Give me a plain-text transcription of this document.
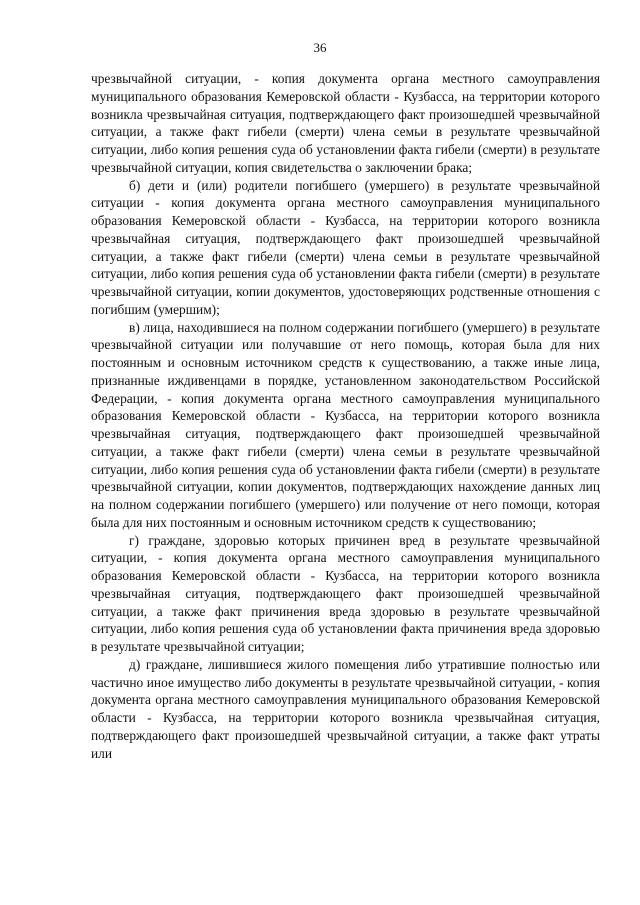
36

чрезвычайной ситуации, - копия документа органа местного самоуправления муниципального образования Кемеровской области - Кузбасса, на территории которого возникла чрезвычайная ситуация, подтверждающего факт произошедшей чрезвычайной ситуации, а также факт гибели (смерти) члена семьи в результате чрезвычайной ситуации, либо копия решения суда об установлении факта гибели (смерти) в результате чрезвычайной ситуации, копия свидетельства о заключении брака;

б) дети и (или) родители погибшего (умершего) в результате чрезвычайной ситуации - копия документа органа местного самоуправления муниципального образования Кемеровской области - Кузбасса, на территории которого возникла чрезвычайная ситуация, подтверждающего факт произошедшей чрезвычайной ситуации, а также факт гибели (смерти) члена семьи в результате чрезвычайной ситуации, либо копия решения суда об установлении факта гибели (смерти) в результате чрезвычайной ситуации, копии документов, удостоверяющих родственные отношения с погибшим (умершим);

в) лица, находившиеся на полном содержании погибшего (умершего) в результате чрезвычайной ситуации или получавшие от него помощь, которая была для них постоянным и основным источником средств к существованию, а также иные лица, признанные иждивенцами в порядке, установленном законодательством Российской Федерации, - копия документа органа местного самоуправления муниципального образования Кемеровской области - Кузбасса, на территории которого возникла чрезвычайная ситуация, подтверждающего факт произошедшей чрезвычайной ситуации, а также факт гибели (смерти) члена семьи в результате чрезвычайной ситуации, либо копия решения суда об установлении факта гибели (смерти) в результате чрезвычайной ситуации, копии документов, подтверждающих нахождение данных лиц на полном содержании погибшего (умершего) или получение от него помощи, которая была для них постоянным и основным источником средств к существованию;

г) граждане, здоровью которых причинен вред в результате чрезвычайной ситуации, - копия документа органа местного самоуправления муниципального образования Кемеровской области - Кузбасса, на территории которого возникла чрезвычайная ситуация, подтверждающего факт произошедшей чрезвычайной ситуации, а также факт причинения вреда здоровью в результате чрезвычайной ситуации, либо копия решения суда об установлении факта причинения вреда здоровью в результате чрезвычайной ситуации;

д) граждане, лишившиеся жилого помещения либо утратившие полностью или частично иное имущество либо документы в результате чрезвычайной ситуации, - копия документа органа местного самоуправления муниципального образования Кемеровской области - Кузбасса, на территории которого возникла чрезвычайная ситуация, подтверждающего факт произошедшей чрезвычайной ситуации, а также факт утраты или
